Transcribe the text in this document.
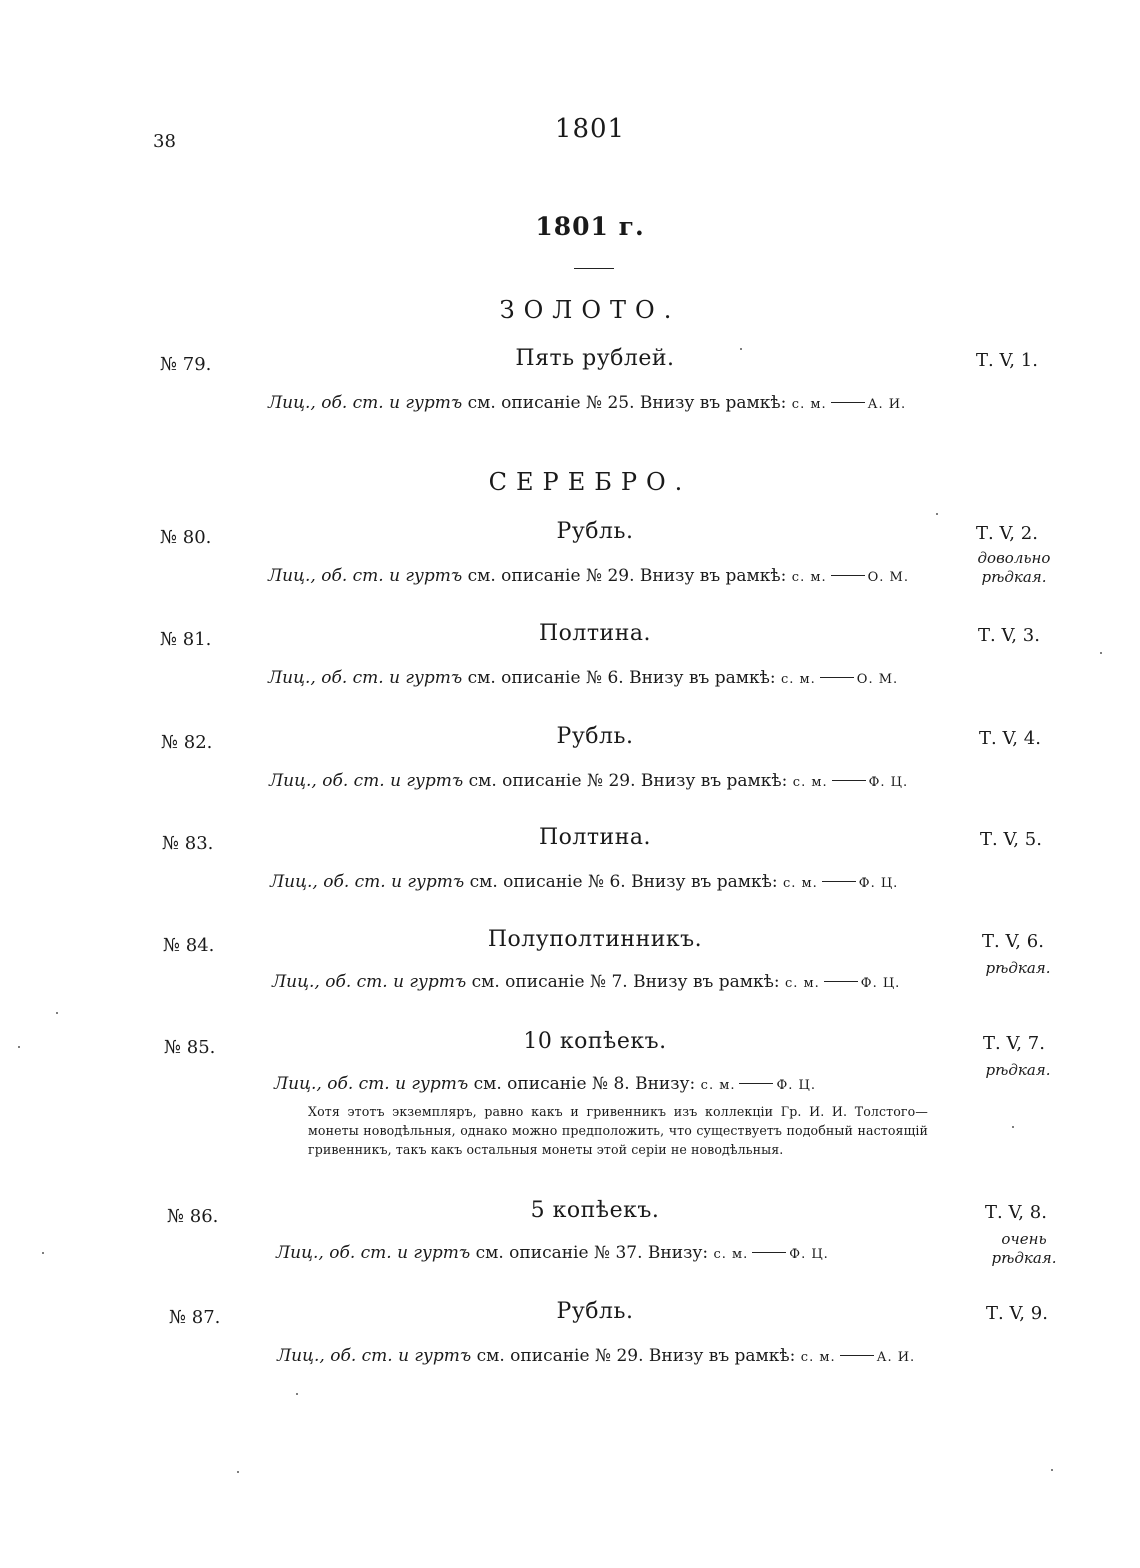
38	1801
1801 г.
ЗОЛОТО.
№ 79.	Пять рублей.	Т. V, 1.
Лиц., об. ст. и гуртъ см. описаніе № 25. Внизу въ рамкѣ: с. м.	А. И.
СЕРЕБРО.
№ 80.	Рубль.	Т. V, 2.
довольно
рѣдкая.
Лиц., об. ст. и гуртъ см. описаніе № 29. Внизу въ рамкѣ: с. м.	О. М.
№ 81.	Полтина.	Т. V, 3.
Лиц., об. ст. и гуртъ см. описаніе № 6. Внизу въ рамкѣ: с. м.	О. М.
№ 82.	Рубль.	Т. V, 4.
Лиц., об. ст. и гуртъ см. описаніе № 29. Внизу въ рамкѣ: с. м.	Ф. Ц.
№ 83.	Полтина.	Т. V, 5.
Лиц., об. ст. и гуртъ см. описаніе № 6. Внизу въ рамкѣ: с. м.	Ф. Ц.
№ 84.	Полуполтинникъ.	Т. V, 6.
рѣдкая.
Лиц., об. ст. и гуртъ см. описаніе № 7. Внизу въ рамкѣ: с. м.	Ф. Ц.
№ 85.	10 копѣекъ.	Т. V, 7.
рѣдкая.
Лиц., об. ст. и гуртъ см. описаніе № 8. Внизу: с. м.	Ф. Ц.
Хотя этотъ экземпляръ, равно какъ и гривенникъ изъ коллекціи Гр. И. И. Толстого— монеты новодѣльныя, однако можно предположить, что существуетъ подобный настоящій гривенникъ, такъ какъ остальныя монеты этой серіи не новодѣльныя.
№ 86.	5 копѣекъ.	Т. V, 8.
очень
рѣдкая.
Лиц., об. ст. и гуртъ см. описаніе № 37. Внизу: с. м.	Ф. Ц.
№ 87.	Рубль.	Т. V, 9.
Лиц., об. ст. и гуртъ см. описаніе № 29. Внизу въ рамкѣ: с. м.	А. И.
